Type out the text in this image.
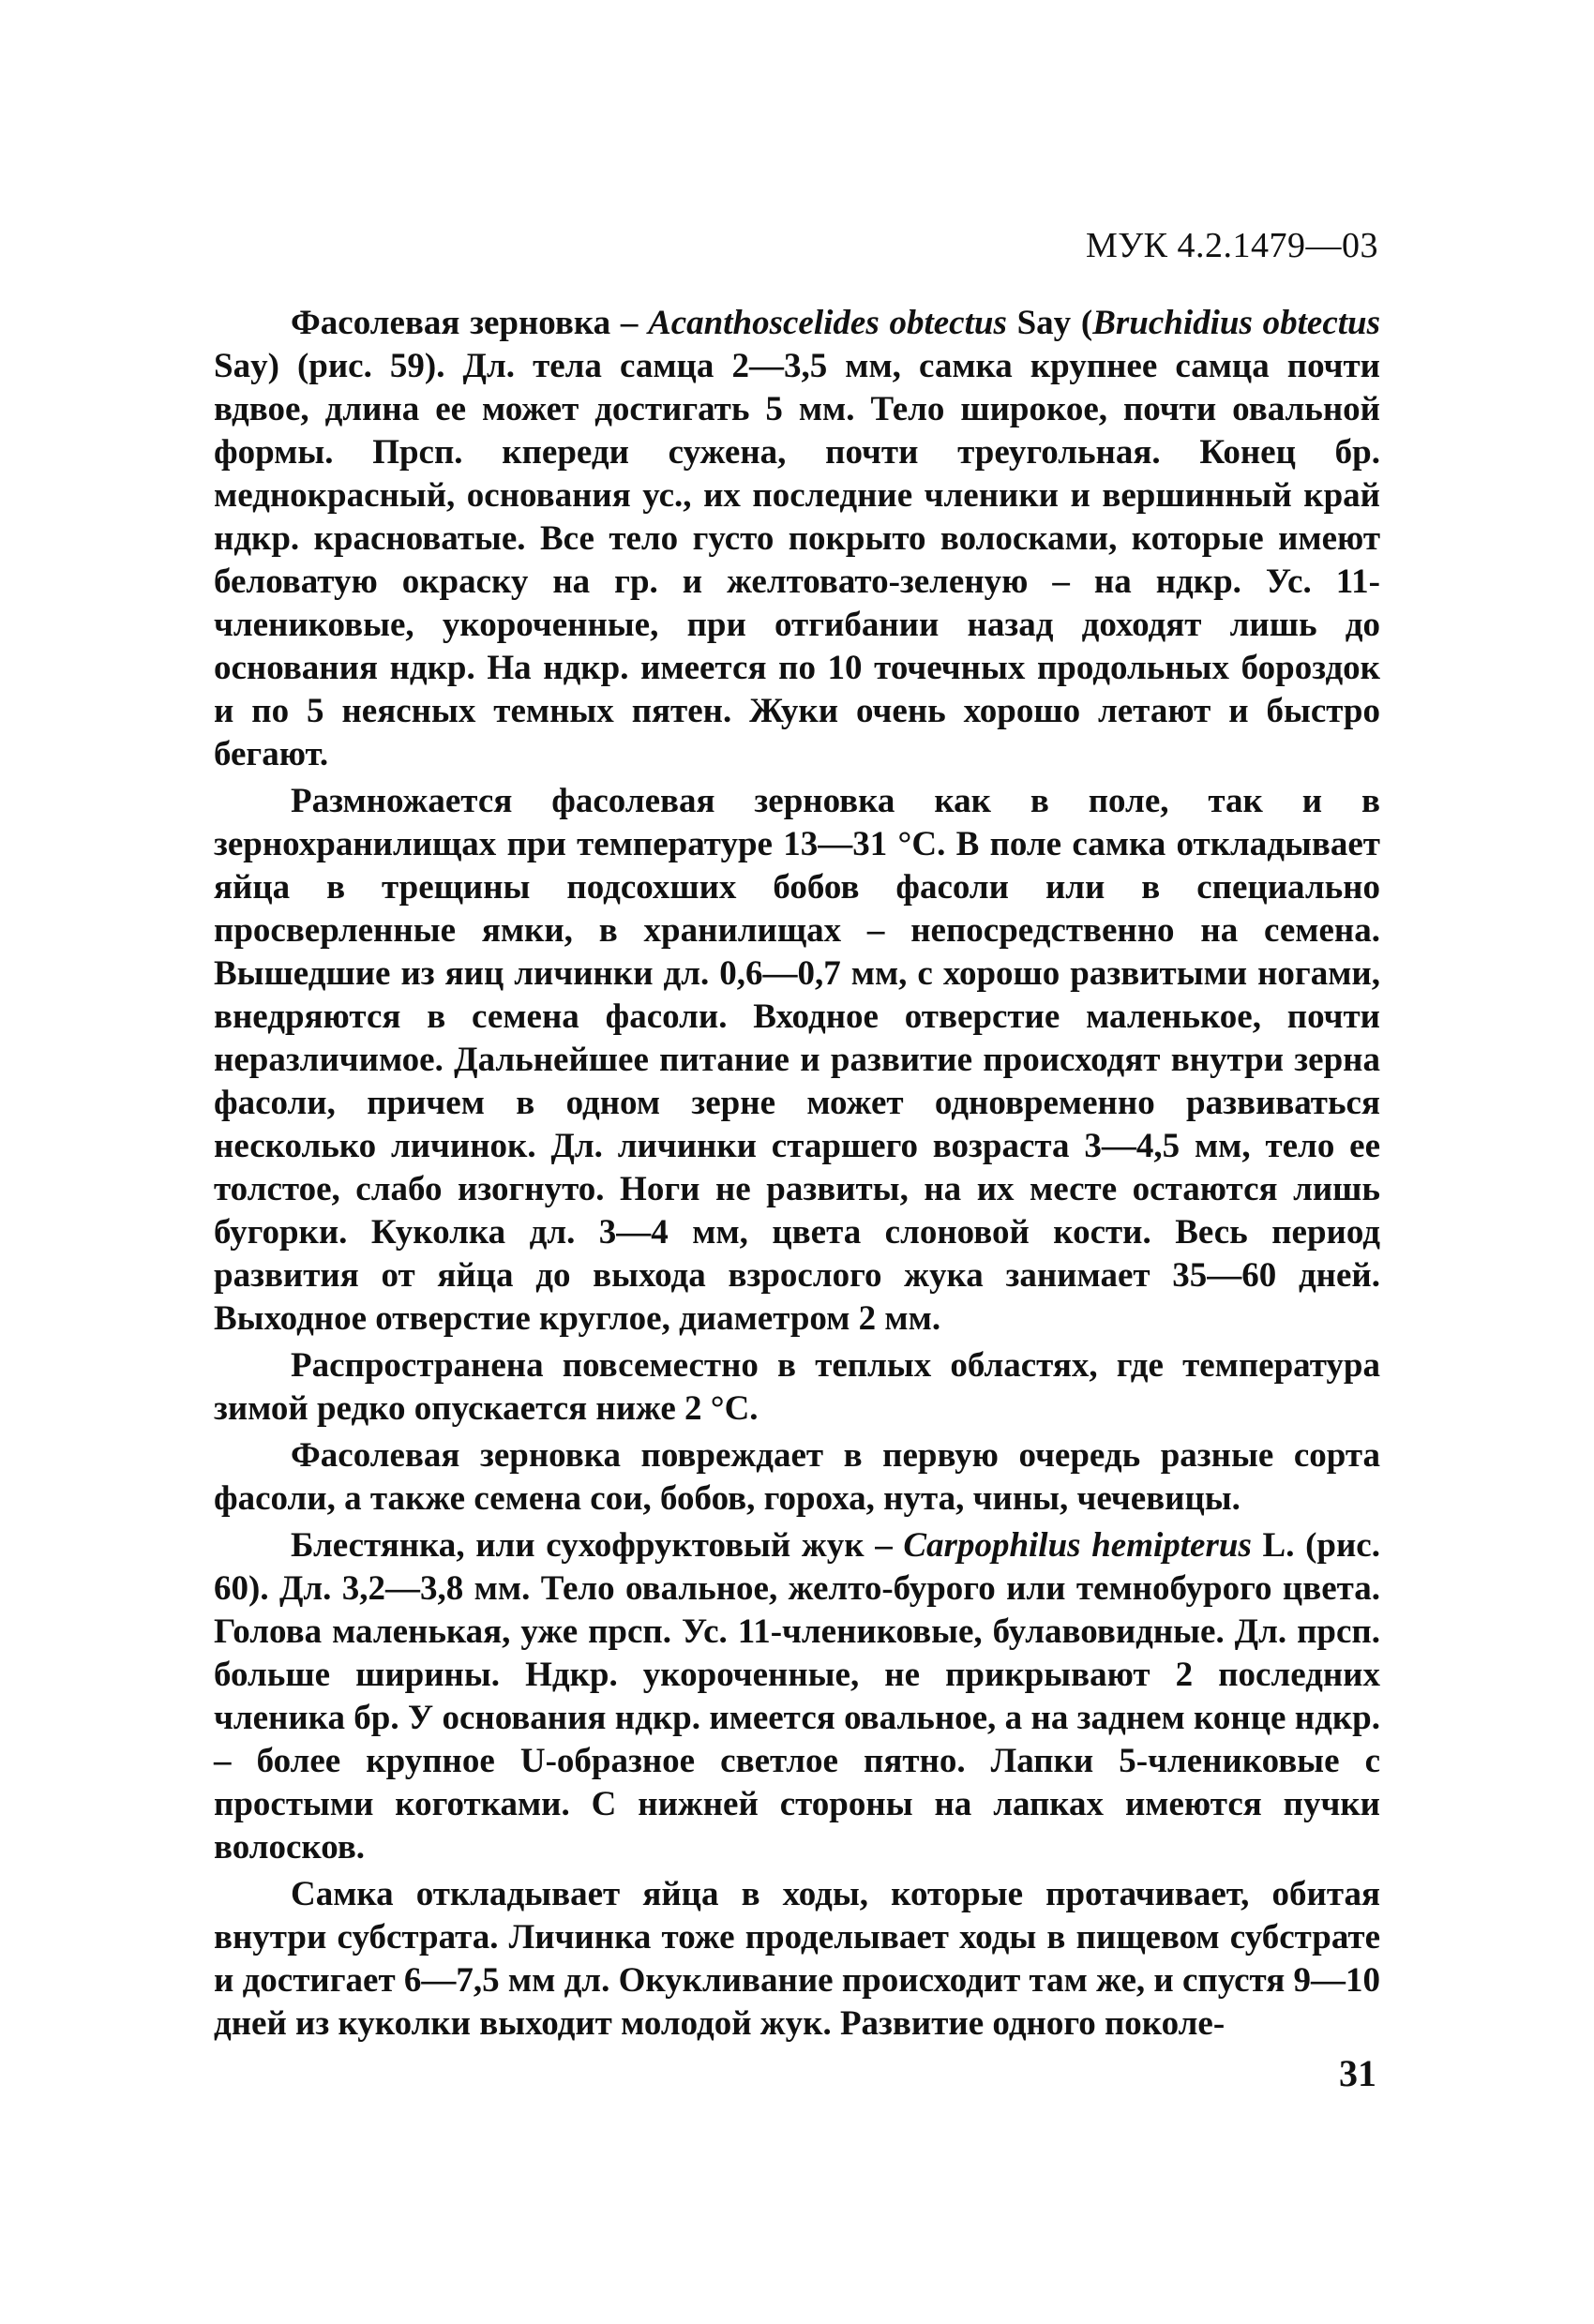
МУК 4.2.1479—03

Фасолевая зерновка – Acanthoscelides obtectus Say (Bruchidius obtectus Say) (рис. 59). Дл. тела самца 2—3,5 мм, самка крупнее самца почти вдвое, длина ее может достигать 5 мм. Тело широкое, почти овальной формы. Прсп. кпереди сужена, почти треугольная. Конец бр. меднокрасный, основания ус., их последние членики и вершинный край ндкр. красноватые. Все тело густо покрыто волосками, которые имеют беловатую окраску на гр. и желтовато-зеленую – на ндкр. Ус. 11-члениковые, укороченные, при отгибании назад доходят лишь до основания ндкр. На ндкр. имеется по 10 точечных продольных бороздок и по 5 неясных темных пятен. Жуки очень хорошо летают и быстро бегают.

Размножается фасолевая зерновка как в поле, так и в зернохранилищах при температуре 13—31 °С. В поле самка откладывает яйца в трещины подсохших бобов фасоли или в специально просверленные ямки, в хранилищах – непосредственно на семена. Вышедшие из яиц личинки дл. 0,6—0,7 мм, с хорошо развитыми ногами, внедряются в семена фасоли. Входное отверстие маленькое, почти неразличимое. Дальнейшее питание и развитие происходят внутри зерна фасоли, причем в одном зерне может одновременно развиваться несколько личинок. Дл. личинки старшего возраста 3—4,5 мм, тело ее толстое, слабо изогнуто. Ноги не развиты, на их месте остаются лишь бугорки. Куколка дл. 3—4 мм, цвета слоновой кости. Весь период развития от яйца до выхода взрослого жука занимает 35—60 дней. Выходное отверстие круглое, диаметром 2 мм.

Распространена повсеместно в теплых областях, где температура зимой редко опускается ниже 2 °С.

Фасолевая зерновка повреждает в первую очередь разные сорта фасоли, а также семена сои, бобов, гороха, нута, чины, чечевицы.

Блестянка, или сухофруктовый жук – Carpophilus hemipterus L. (рис. 60). Дл. 3,2—3,8 мм. Тело овальное, желто-бурого или темнобурого цвета. Голова маленькая, уже прсп. Ус. 11-члениковые, булавовидные. Дл. прсп. больше ширины. Ндкр. укороченные, не прикрывают 2 последних членика бр. У основания ндкр. имеется овальное, а на заднем конце ндкр. – более крупное U-образное светлое пятно. Лапки 5-члениковые с простыми коготками. С нижней стороны на лапках имеются пучки волосков.

Самка откладывает яйца в ходы, которые протачивает, обитая внутри субстрата. Личинка тоже проделывает ходы в пищевом субстрате и достигает 6—7,5 мм дл. Окукливание происходит там же, и спустя 9—10 дней из куколки выходит молодой жук. Развитие одного поколе-

31
